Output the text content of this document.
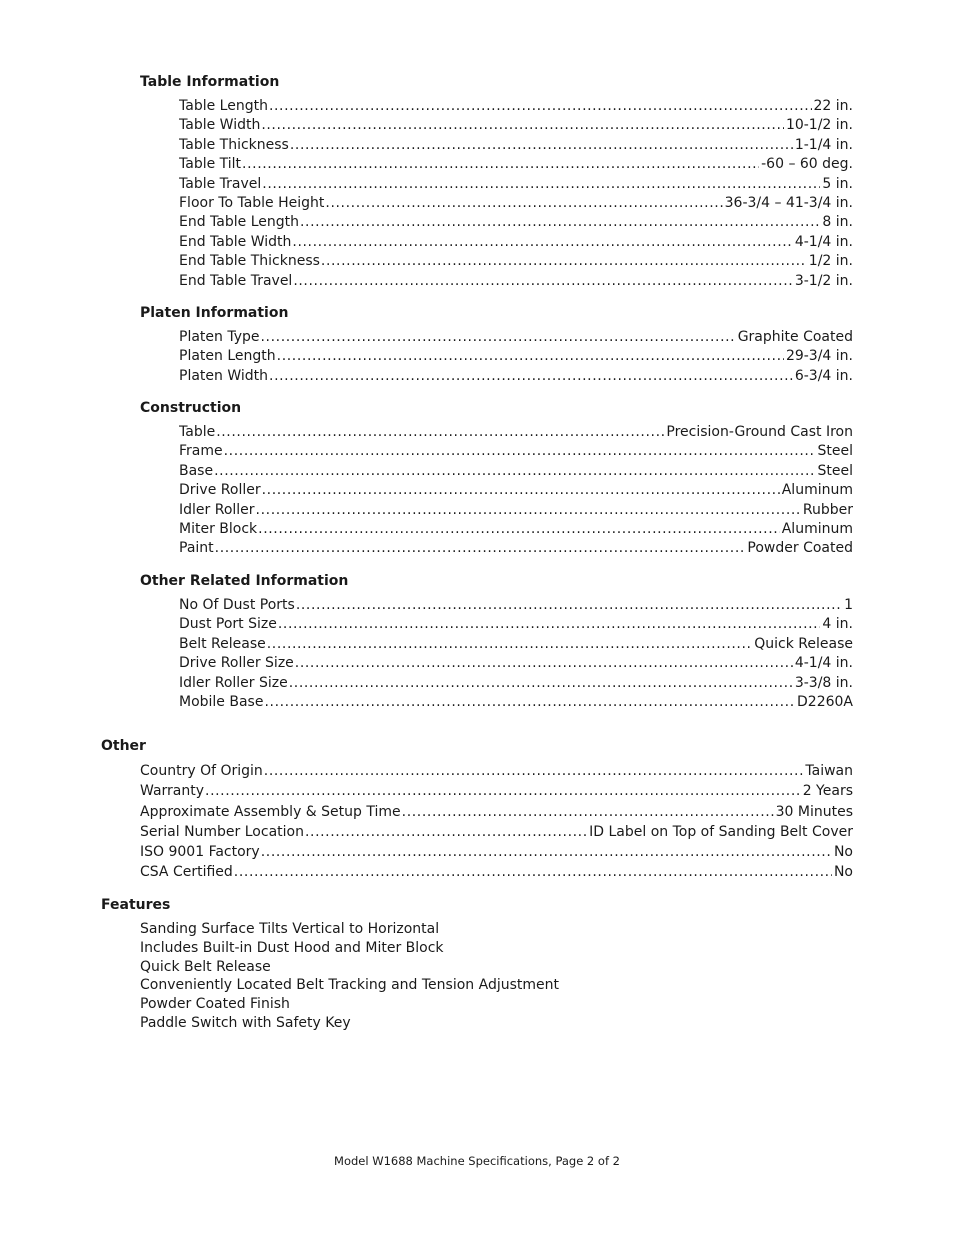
Table Information
Table Length .....	22 in.
Table Width .....	10-1/2 in.
Table Thickness .....	1-1/4 in.
Table Tilt .....	-60 – 60 deg.
Table Travel .....	5 in.
Floor To Table Height .....	36-3/4 – 41-3/4 in.
End Table Length .....	8 in.
End Table Width .....	4-1/4 in.
End Table Thickness .....	1/2 in.
End Table Travel .....	3-1/2 in.
Platen Information
Platen Type .....	Graphite Coated
Platen Length .....	29-3/4 in.
Platen Width .....	6-3/4 in.
Construction
Table .....	Precision-Ground Cast Iron
Frame .....	Steel
Base .....	Steel
Drive Roller .....	Aluminum
Idler Roller .....	Rubber
Miter Block .....	Aluminum
Paint .....	Powder Coated
Other Related Information
No Of Dust Ports .....	1
Dust Port Size .....	4 in.
Belt Release .....	Quick Release
Drive Roller Size .....	4-1/4 in.
Idler Roller Size .....	3-3/8 in.
Mobile Base .....	D2260A
Other
Country Of Origin .....	Taiwan
Warranty .....	2 Years
Approximate Assembly & Setup Time .....	30 Minutes
Serial Number Location .....	ID Label on Top of Sanding Belt Cover
ISO 9001 Factory .....	No
CSA Certified .....	No
Features
Sanding Surface Tilts Vertical to Horizontal
Includes Built-in Dust Hood and Miter Block
Quick Belt Release
Conveniently Located Belt Tracking and Tension Adjustment
Powder Coated Finish
Paddle Switch with Safety Key
Model W1688 Machine Specifications, Page 2 of 2
